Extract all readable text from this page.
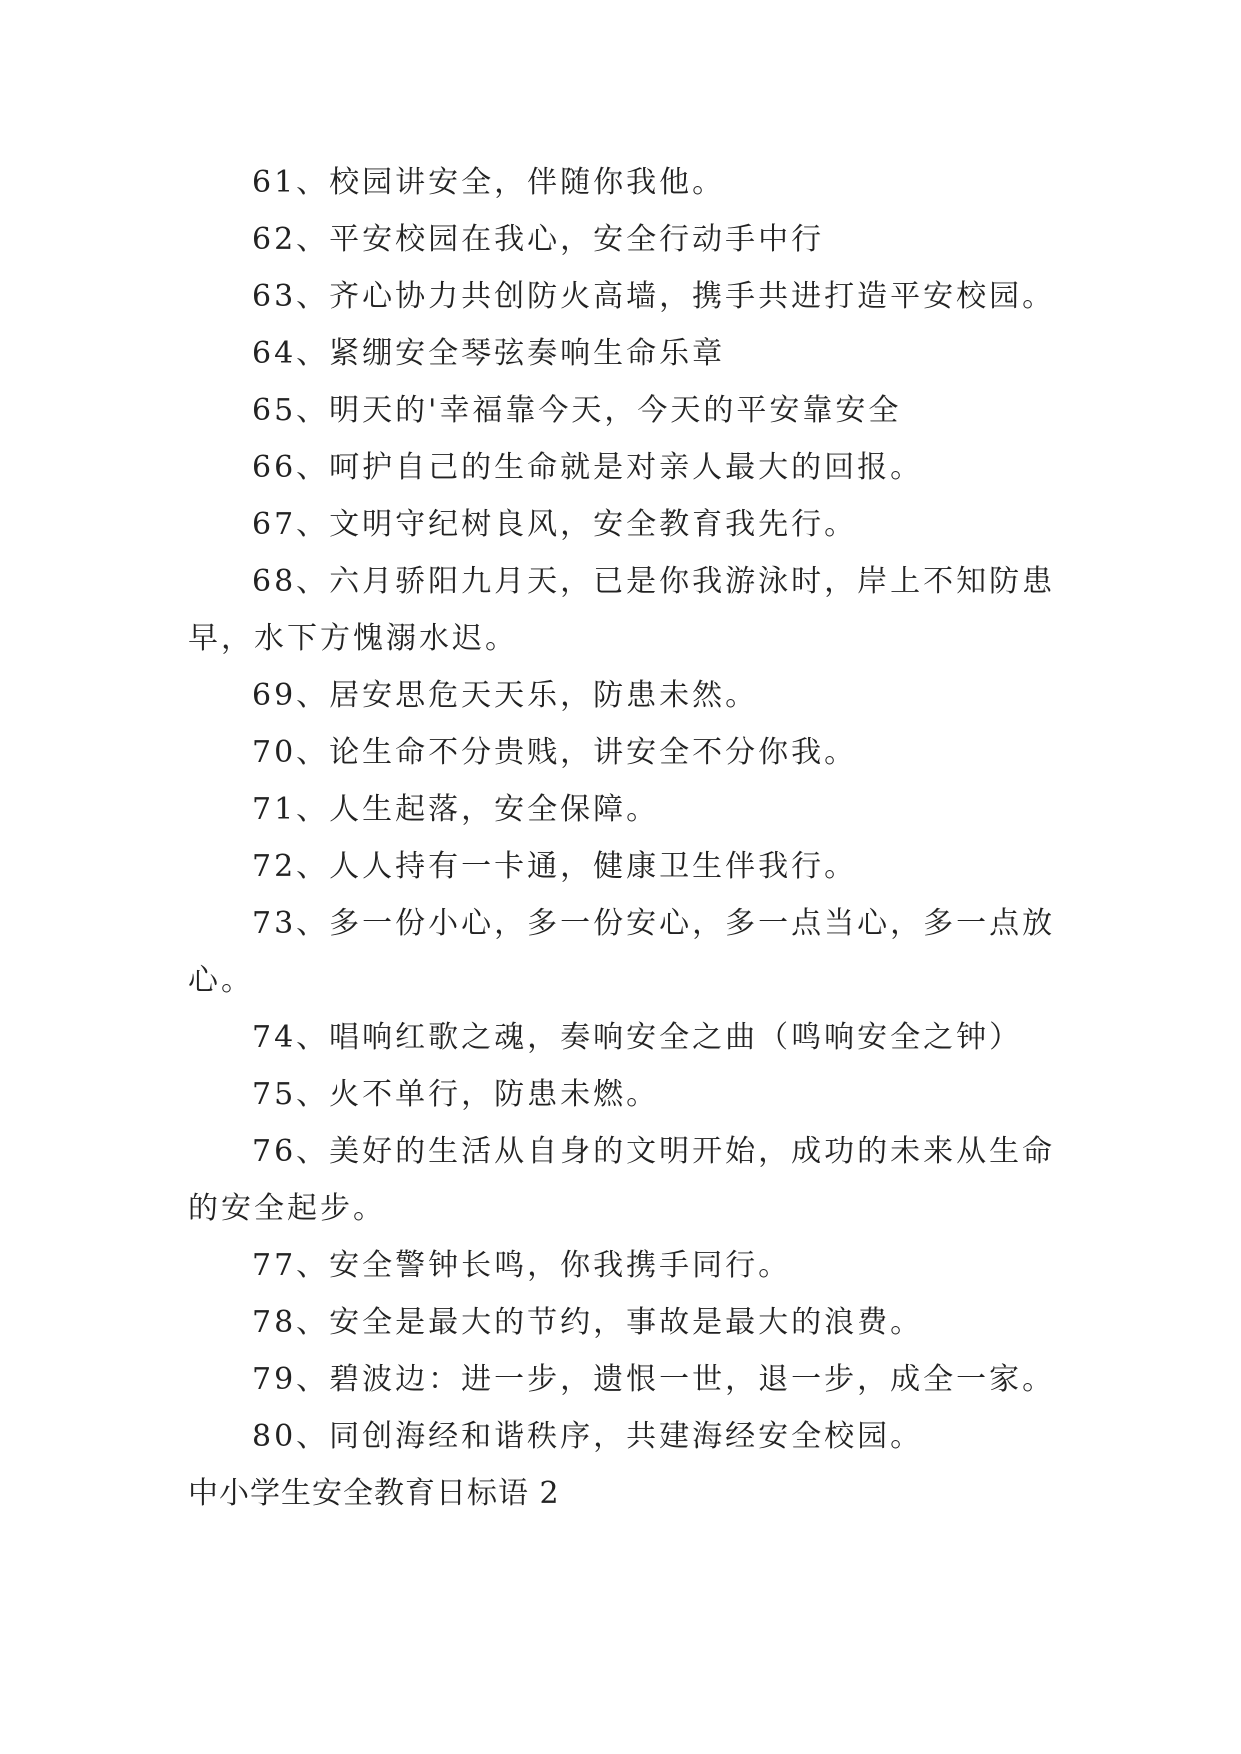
61、校园讲安全，伴随你我他。
62、平安校园在我心，安全行动手中行
63、齐心协力共创防火高墙，携手共进打造平安校园。
64、紧绷安全琴弦奏响生命乐章
65、明天的'幸福靠今天，今天的平安靠安全
66、呵护自己的生命就是对亲人最大的回报。
67、文明守纪树良风，安全教育我先行。
68、六月骄阳九月天，已是你我游泳时，岸上不知防患
早，水下方愧溺水迟。
69、居安思危天天乐，防患未然。
70、论生命不分贵贱，讲安全不分你我。
71、人生起落，安全保障。
72、人人持有一卡通，健康卫生伴我行。
73、多一份小心，多一份安心，多一点当心，多一点放
心。
74、唱响红歌之魂，奏响安全之曲（鸣响安全之钟）
75、火不单行，防患未燃。
76、美好的生活从自身的文明开始，成功的未来从生命
的安全起步。
77、安全警钟长鸣，你我携手同行。
78、安全是最大的节约，事故是最大的浪费。
79、碧波边：进一步，遗恨一世，退一步，成全一家。
80、同创海经和谐秩序，共建海经安全校园。
中小学生安全教育日标语 2
